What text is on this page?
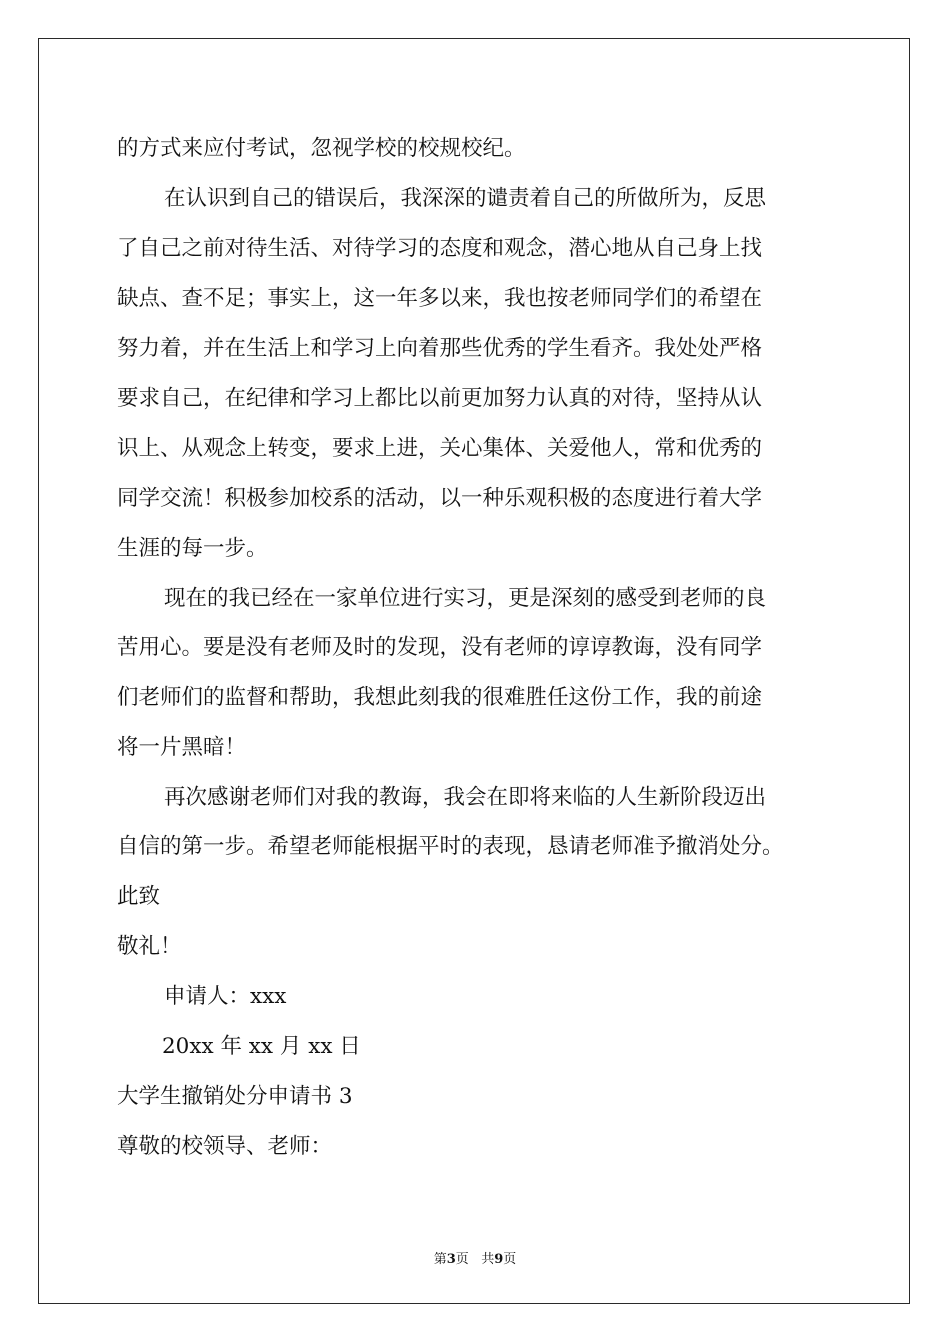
的方式来应付考试，忽视学校的校规校纪。
在认识到自己的错误后，我深深的谴责着自己的所做所为，反思
了自己之前对待生活、对待学习的态度和观念，潜心地从自己身上找
缺点、查不足；事实上，这一年多以来，我也按老师同学们的希望在
努力着，并在生活上和学习上向着那些优秀的学生看齐。我处处严格
要求自己，在纪律和学习上都比以前更加努力认真的对待，坚持从认
识上、从观念上转变，要求上进，关心集体、关爱他人，常和优秀的
同学交流！积极参加校系的活动，以一种乐观积极的态度进行着大学
生涯的每一步。
现在的我已经在一家单位进行实习，更是深刻的感受到老师的良
苦用心。要是没有老师及时的发现，没有老师的谆谆教诲，没有同学
们老师们的监督和帮助，我想此刻我的很难胜任这份工作，我的前途
将一片黑暗！
再次感谢老师们对我的教诲，我会在即将来临的人生新阶段迈出
自信的第一步。希望老师能根据平时的表现，恳请老师准予撤消处分。
此致
敬礼！
申请人：xxx
20xx 年 xx 月 xx 日
大学生撤销处分申请书 3
尊敬的校领导、老师：
第3页 共9页
